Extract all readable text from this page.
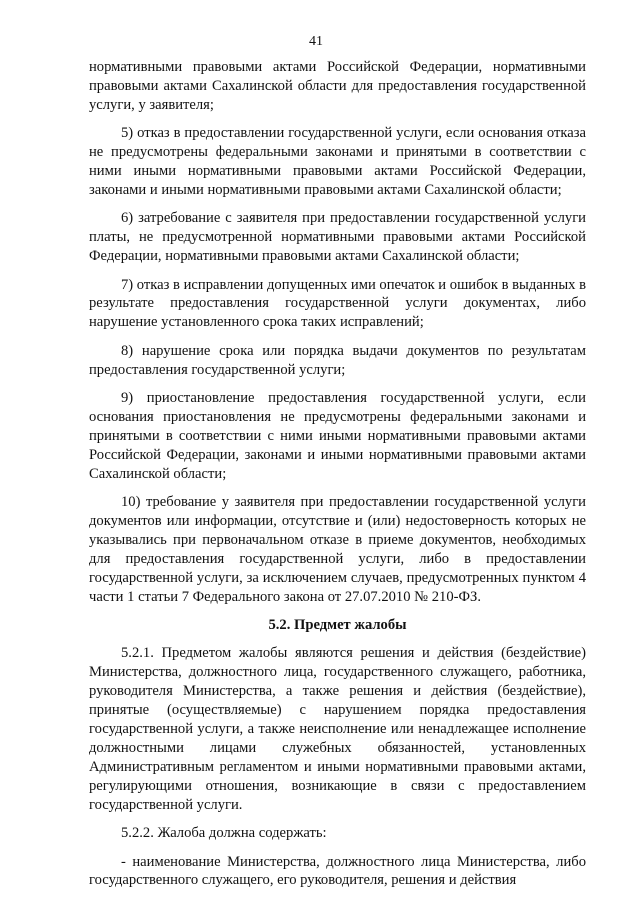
41

нормативными правовыми актами Российской Федерации, нормативными правовыми актами Сахалинской области для предоставления государственной услуги, у заявителя;

5) отказ в предоставлении государственной услуги, если основания отказа не предусмотрены федеральными законами и принятыми в соответствии с ними иными нормативными правовыми актами Российской Федерации, законами и иными нормативными правовыми актами Сахалинской области;

6) затребование с заявителя при предоставлении государственной услуги платы, не предусмотренной нормативными правовыми актами Российской Федерации, нормативными правовыми актами Сахалинской области;

7) отказ в исправлении допущенных ими опечаток и ошибок в выданных в результате предоставления государственной услуги документах, либо нарушение установленного срока таких исправлений;

8) нарушение срока или порядка выдачи документов по результатам предоставления государственной услуги;

9) приостановление предоставления государственной услуги, если основания приостановления не предусмотрены федеральными законами и принятыми в соответствии с ними иными нормативными правовыми актами Российской Федерации, законами и иными нормативными правовыми актами Сахалинской области;

10) требование у заявителя при предоставлении государственной услуги документов или информации, отсутствие и (или) недостоверность которых не указывались при первоначальном отказе в приеме документов, необходимых для предоставления государственной услуги, либо в предоставлении государственной услуги, за исключением случаев, предусмотренных пунктом 4 части 1 статьи 7 Федерального закона от 27.07.2010 № 210-ФЗ.

5.2. Предмет жалобы

5.2.1. Предметом жалобы являются решения и действия (бездействие) Министерства, должностного лица, государственного служащего, работника, руководителя Министерства, а также решения и действия (бездействие), принятые (осуществляемые) с нарушением порядка предоставления государственной услуги, а также неисполнение или ненадлежащее исполнение должностными лицами служебных обязанностей, установленных Административным регламентом и иными нормативными правовыми актами, регулирующими отношения, возникающие в связи с предоставлением государственной услуги.

5.2.2. Жалоба должна содержать:

- наименование Министерства, должностного лица Министерства, либо государственного служащего, его руководителя, решения и действия
